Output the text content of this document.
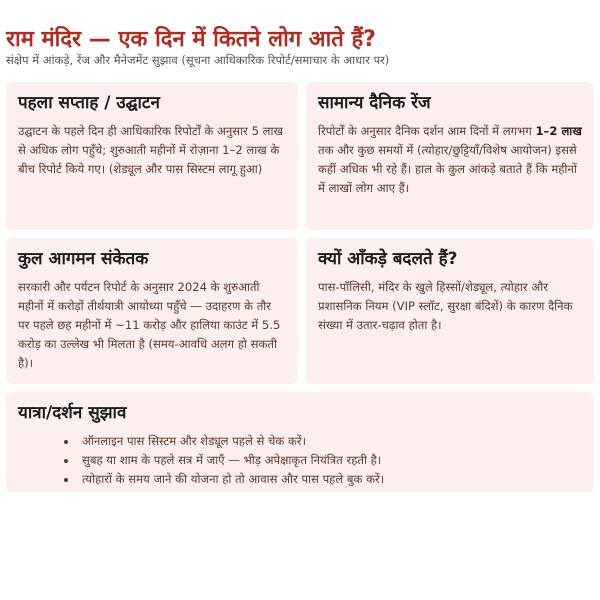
राम मंदिर — एक दिन में कितने लोग आते हैं?
संक्षेप में आंकड़े, रेंज और मैनेजमेंट सुझाव (सूचना आधिकारिक रिपोर्ट/समाचार के आधार पर)
पहला सप्ताह / उद्घाटन

उद्घाटन के पहले दिन ही आधिकारिक रिपोर्टों के अनुसार 5 लाख से अधिक लोग पहुँचे; शुरुआती महीनों में रोज़ाना 1–2 लाख के बीच रिपोर्ट किये गए। (शेड्यूल और पास सिस्टम लागू हुआ)

सामान्य दैनिक रेंज

रिपोर्टों के अनुसार दैनिक दर्शन आम दिनों में लगभग 1–2 लाख तक और कुछ समयों में (त्योहार/छुट्टियाँ/विशेष आयोजन) इससे कहीं अधिक भी रहे हैं। हाल के कुल आंकड़े बताते हैं कि महीनों में लाखों लोग आए हैं।

कुल आगमन संकेतक

सरकारी और पर्यटन रिपोर्ट के अनुसार 2024 के शुरुआती महीनों में करोड़ों तीर्थयात्री आयोध्या पहुँचे — उदाहरण के तौर पर पहले छह महीनों में ~11 करोड़ और हालिया काउंट में 5.5 करोड़ का उल्लेख भी मिलता है (समय-आवधि अलग हो सकती है)।

क्यों आँकड़े बदलते हैं?

पास-पॉलिसी, मंदिर के खुले हिस्सों/शेड्यूल, त्योहार और प्रशासनिक नियम (VIP स्लॉट, सुरक्षा बंदिशें) के कारण दैनिक संख्या में उतार-चढ़ाव होता है।

यात्रा/दर्शन सुझाव
• ऑनलाइन पास सिस्टम और शेड्यूल पहले से चेक करें।
• सुबह या शाम के पहले सत्र में जाएँ — भीड़ अपेक्षाकृत नियंत्रित रहती है।
• त्योहारों के समय जाने की योजना हो तो आवास और पास पहले बुक करें।
